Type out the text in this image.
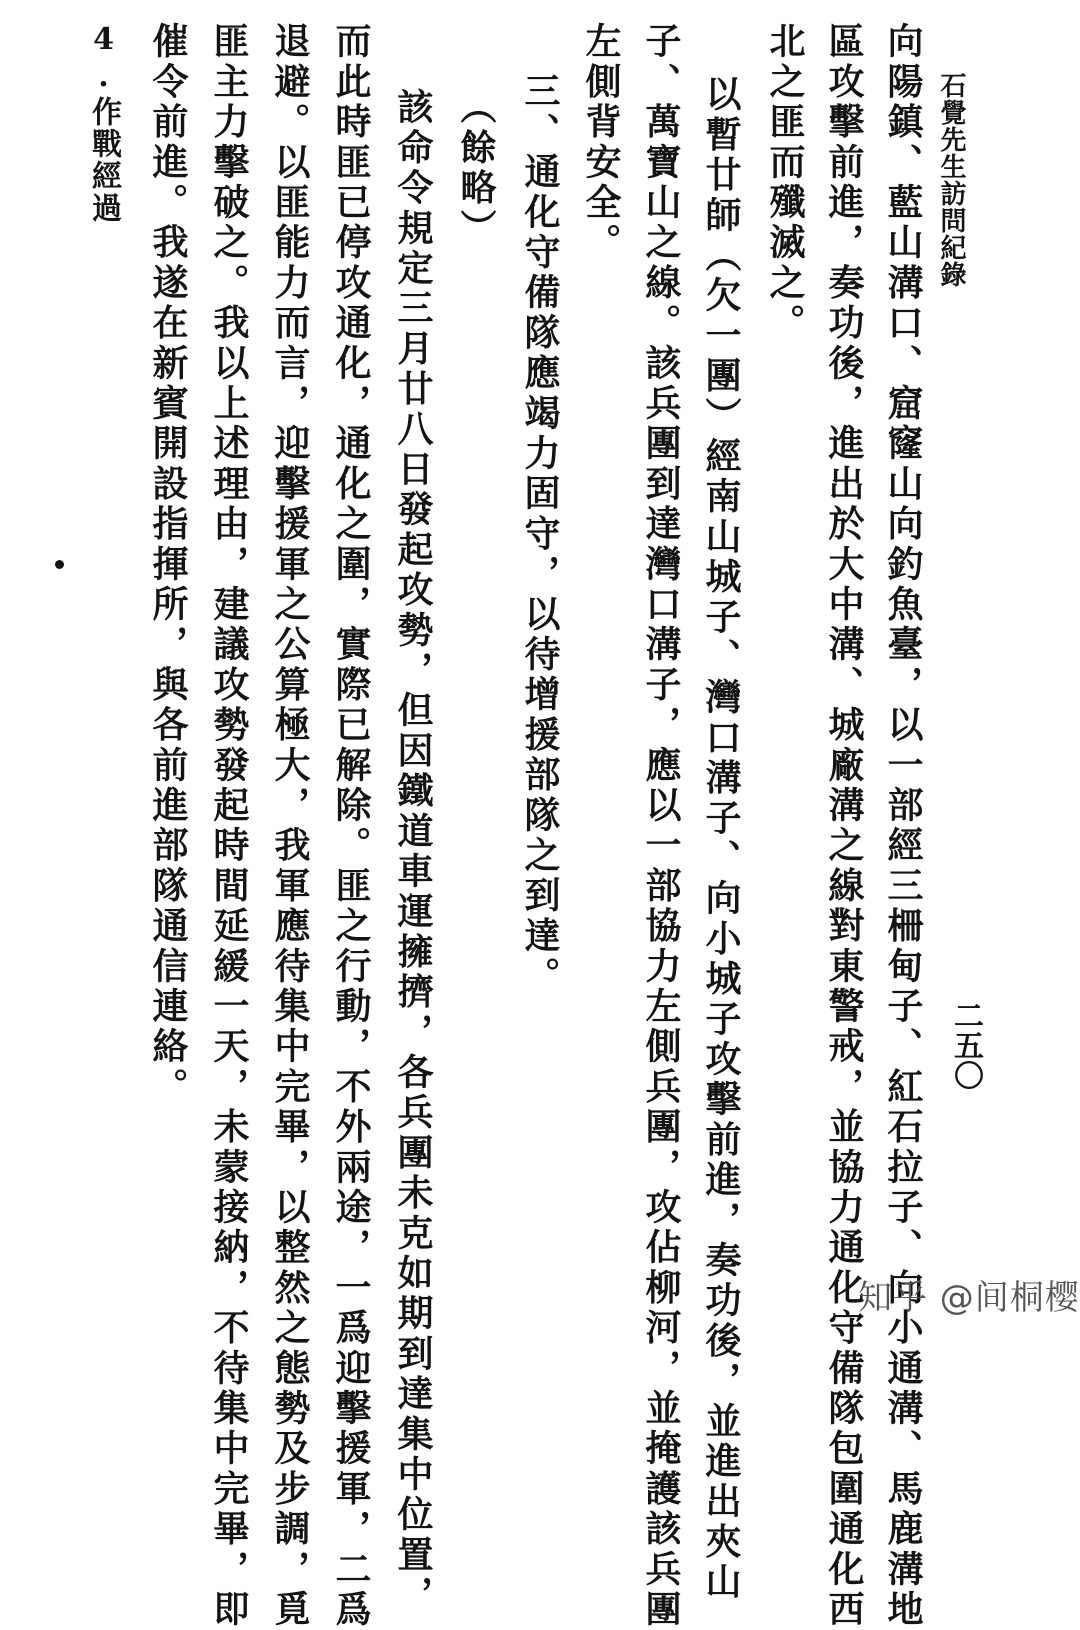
石覺先生訪問紀錄
二五〇
向陽鎮、藍山溝口、窟窿山向釣魚臺，以一部經三柵甸子、紅石拉子、向小通溝、馬鹿溝地
區攻擊前進，奏功後，進出於大中溝、城廠溝之線對東警戒，並協力通化守備隊包圍通化西
北之匪而殲滅之。
以暫廿師（欠一團）經南山城子、灣口溝子、向小城子攻擊前進，奏功後，並進出夾山
子、萬寶山之線。該兵團到達灣口溝子，應以一部協力左側兵團，攻佔柳河，並掩護該兵團
左側背安全。
三、通化守備隊應竭力固守，以待增援部隊之到達。
（餘略）
該命令規定三月廿八日發起攻勢，但因鐵道車運擁擠，各兵團未克如期到達集中位置，
而此時匪已停攻通化，通化之圍，實際已解除。匪之行動，不外兩途，一爲迎擊援軍，二爲
退避。以匪能力而言，迎擊援軍之公算極大，我軍應待集中完畢，以整然之態勢及步調，覓
匪主力擊破之。我以上述理由，建議攻勢發起時間延緩一天，未蒙接納，不待集中完畢，即
催令前進。我遂在新賓開設指揮所，與各前進部隊通信連絡。
4.作戰經過
知乎 @间桐樱
